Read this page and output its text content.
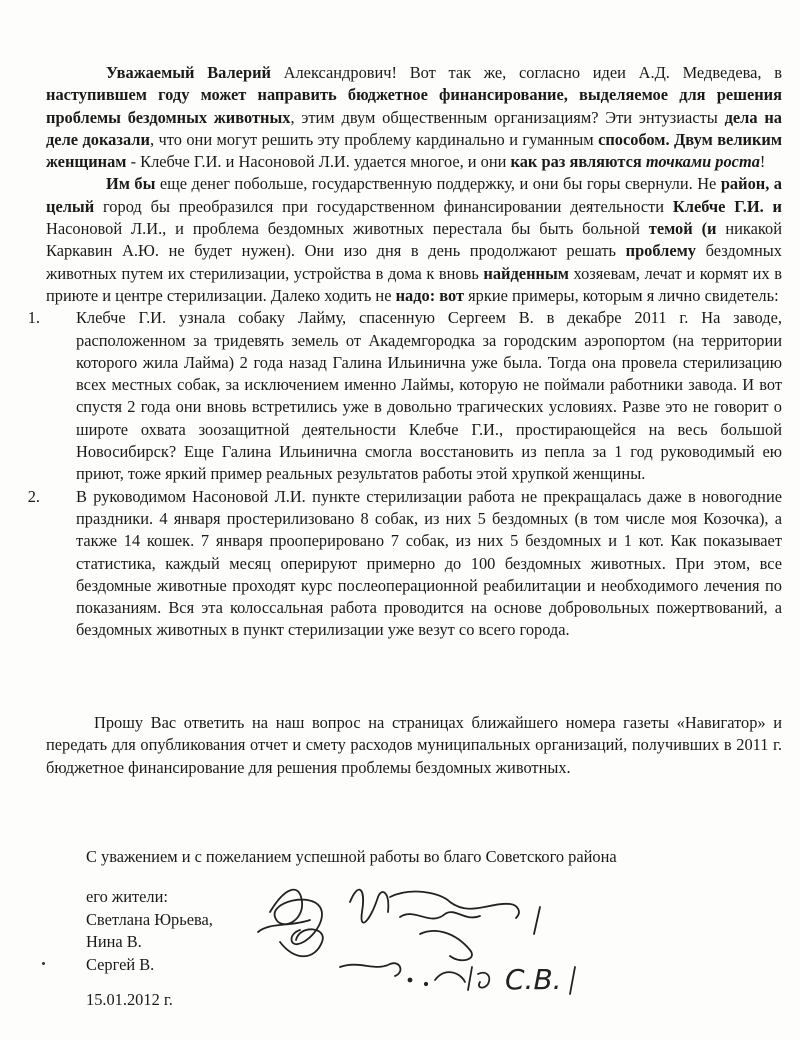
Уважаемый Валерий Александрович! Вот так же, согласно идеи А.Д. Медведева, в наступившем году может направить бюджетное финансирование, выделяемое для решения проблемы бездомных животных, этим двум общественным организациям? Эти энтузиасты дела на деле доказали, что они могут решить эту проблему кардинально и гуманным способом. Двум великим женщинам - Клебче Г.И. и Насоновой Л.И. удается многое, и они как раз являются точками роста!

Им бы еще денег побольше, государственную поддержку, и они бы горы свернули. Не район, а целый город бы преобразился при государственном финансировании деятельности Клебче Г.И. и Насоновой Л.И., и проблема бездомных животных перестала бы быть больной темой (и никакой Каркавин А.Ю. не будет нужен). Они изо дня в день продолжают решать проблему бездомных животных путем их стерилизации, устройства в дома к вновь найденным хозяевам, лечат и кормят их в приюте и центре стерилизации. Далеко ходить не надо: вот яркие примеры, которым я лично свидетель:

1. Клебче Г.И. узнала собаку Лайму, спасенную Сергеем В. в декабре 2011 г. На заводе, расположенном за тридевять земель от Академгородка за городским аэропортом (на территории которого жила Лайма) 2 года назад Галина Ильинична уже была. Тогда она провела стерилизацию всех местных собак, за исключением именно Лаймы, которую не поймали работники завода. И вот спустя 2 года они вновь встретились уже в довольно трагических условиях. Разве это не говорит о широте охвата зоозащитной деятельности Клебче Г.И., простирающейся на весь большой Новосибирск? Еще Галина Ильинична смогла восстановить из пепла за 1 год руководимый ею приют, тоже яркий пример реальных результатов работы этой хрупкой женщины.
2. В руководимом Насоновой Л.И. пункте стерилизации работа не прекращалась даже в новогодние праздники. 4 января простерилизовано 8 собак, из них 5 бездомных (в том числе моя Козочка), а также 14 кошек. 7 января прооперировано 7 собак, из них 5 бездомных и 1 кот. Как показывает статистика, каждый месяц оперируют примерно до 100 бездомных животных. При этом, все бездомные животные проходят курс послеоперационной реабилитации и необходимого лечения по показаниям. Вся эта колоссальная работа проводится на основе добровольных пожертвований, а бездомных животных в пункт стерилизации уже везут со всего города.

Прошу Вас ответить на наш вопрос на страницах ближайшего номера газеты «Навигатор» и передать для опубликования отчет и смету расходов муниципальных организаций, получивших в 2011 г. бюджетное финансирование для решения проблемы бездомных животных.

С уважением и с пожеланием успешной работы во благо Советского района
его жители:
Светлана Юрьева,
Нина В.
Сергей В.	С.В.
15.01.2012 г.
